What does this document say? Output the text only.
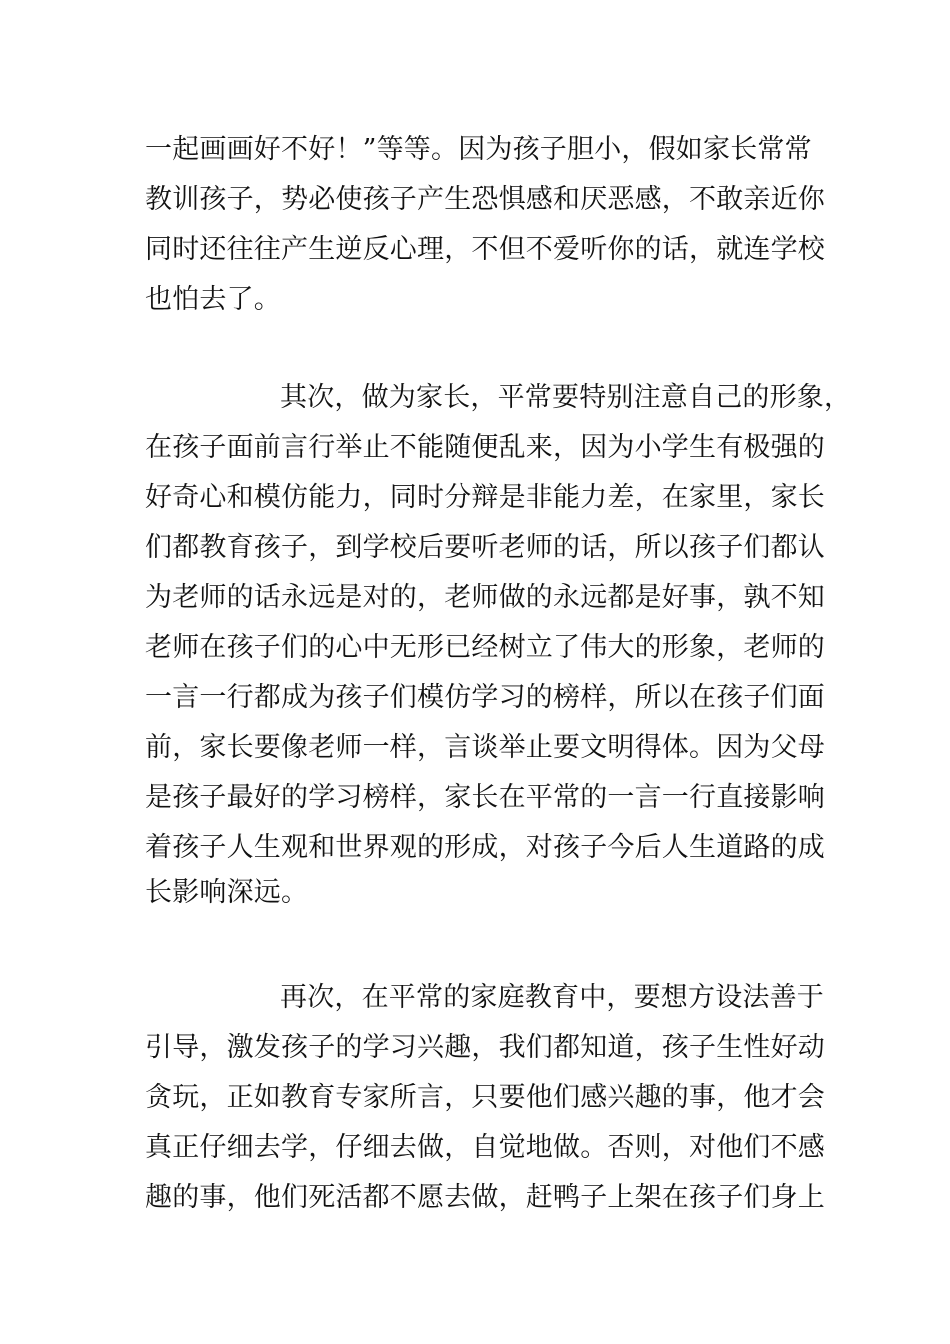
一起画画好不好！”等等。因为孩子胆小，假如家长常常
教训孩子，势必使孩子产生恐惧感和厌恶感，不敢亲近你
同时还往往产生逆反心理，不但不爱听你的话，就连学校
也怕去了。
其次，做为家长，平常要特别注意自己的形象，
在孩子面前言行举止不能随便乱来，因为小学生有极强的
好奇心和模仿能力，同时分辩是非能力差，在家里，家长
们都教育孩子，到学校后要听老师的话，所以孩子们都认
为老师的话永远是对的，老师做的永远都是好事，孰不知
老师在孩子们的心中无形已经树立了伟大的形象，老师的
一言一行都成为孩子们模仿学习的榜样，所以在孩子们面
前，家长要像老师一样，言谈举止要文明得体。因为父母
是孩子最好的学习榜样，家长在平常的一言一行直接影响
着孩子人生观和世界观的形成，对孩子今后人生道路的成
长影响深远。
再次，在平常的家庭教育中，要想方设法善于
引导，激发孩子的学习兴趣，我们都知道，孩子生性好动
贪玩，正如教育专家所言，只要他们感兴趣的事，他才会
真正仔细去学，仔细去做，自觉地做。否则，对他们不感
趣的事，他们死活都不愿去做，赶鸭子上架在孩子们身上
